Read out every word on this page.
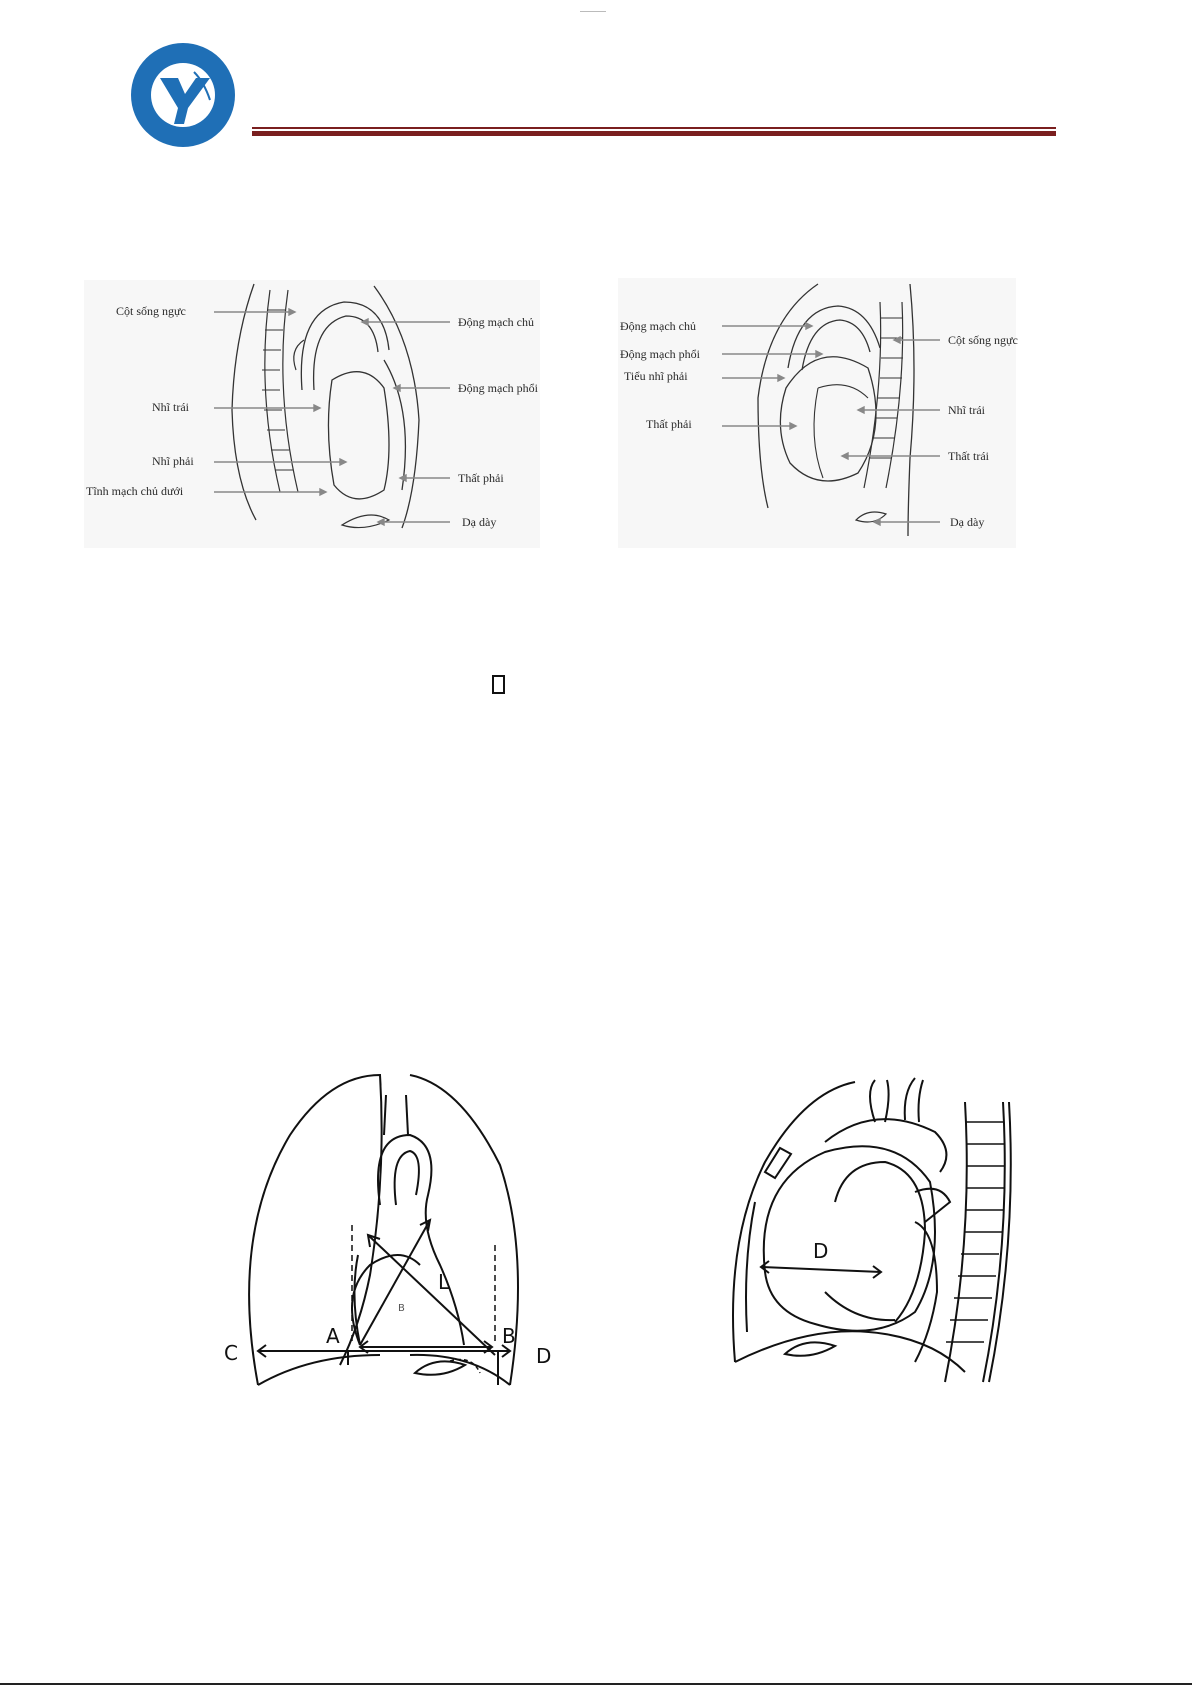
ĐẠI HỌC Y DƯỢC THÁI BÌNH
Cột sống ngực
Động mạch chủ
Động mạch phổi
Nhĩ trái
Nhĩ phải
Thất phải
Tĩnh mạch chủ dưới
Dạ dày
Động mạch chủ
Động mạch phổi
Tiểu nhĩ phải
Thất phải
Cột sống ngực
Nhĩ trái
Thất trái
Dạ dày
C
A	B
D
L
B
D
